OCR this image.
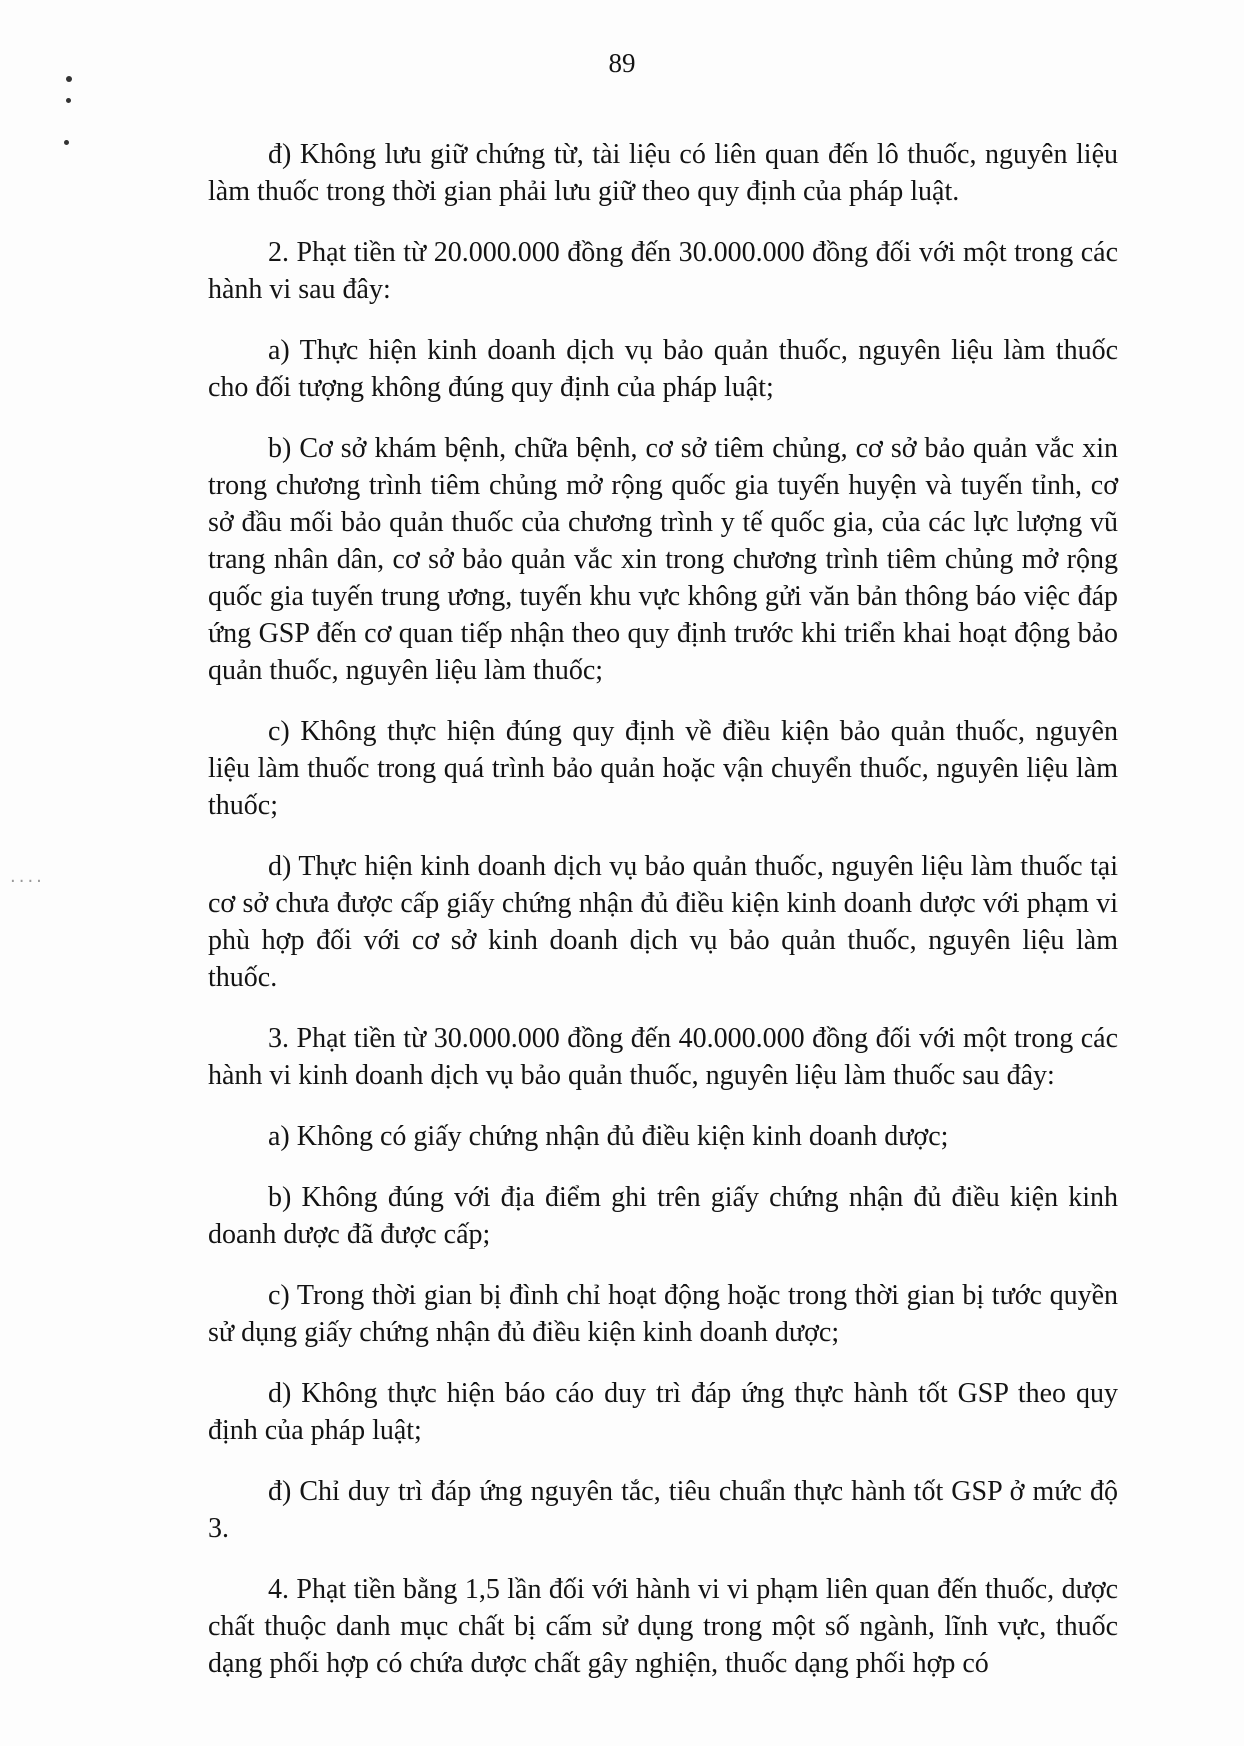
89
....

đ) Không lưu giữ chứng từ, tài liệu có liên quan đến lô thuốc, nguyên liệu làm thuốc trong thời gian phải lưu giữ theo quy định của pháp luật.

2. Phạt tiền từ 20.000.000 đồng đến 30.000.000 đồng đối với một trong các hành vi sau đây:

a) Thực hiện kinh doanh dịch vụ bảo quản thuốc, nguyên liệu làm thuốc cho đối tượng không đúng quy định của pháp luật;

b) Cơ sở khám bệnh, chữa bệnh, cơ sở tiêm chủng, cơ sở bảo quản vắc xin trong chương trình tiêm chủng mở rộng quốc gia tuyến huyện và tuyến tỉnh, cơ sở đầu mối bảo quản thuốc của chương trình y tế quốc gia, của các lực lượng vũ trang nhân dân, cơ sở bảo quản vắc xin trong chương trình tiêm chủng mở rộng quốc gia tuyến trung ương, tuyến khu vực không gửi văn bản thông báo việc đáp ứng GSP đến cơ quan tiếp nhận theo quy định trước khi triển khai hoạt động bảo quản thuốc, nguyên liệu làm thuốc;

c) Không thực hiện đúng quy định về điều kiện bảo quản thuốc, nguyên liệu làm thuốc trong quá trình bảo quản hoặc vận chuyển thuốc, nguyên liệu làm thuốc;

d) Thực hiện kinh doanh dịch vụ bảo quản thuốc, nguyên liệu làm thuốc tại cơ sở chưa được cấp giấy chứng nhận đủ điều kiện kinh doanh dược với phạm vi phù hợp đối với cơ sở kinh doanh dịch vụ bảo quản thuốc, nguyên liệu làm thuốc.

3. Phạt tiền từ 30.000.000 đồng đến 40.000.000 đồng đối với một trong các hành vi kinh doanh dịch vụ bảo quản thuốc, nguyên liệu làm thuốc sau đây:

a) Không có giấy chứng nhận đủ điều kiện kinh doanh dược;

b) Không đúng với địa điểm ghi trên giấy chứng nhận đủ điều kiện kinh doanh dược đã được cấp;

c) Trong thời gian bị đình chỉ hoạt động hoặc trong thời gian bị tước quyền sử dụng giấy chứng nhận đủ điều kiện kinh doanh dược;

d) Không thực hiện báo cáo duy trì đáp ứng thực hành tốt GSP theo quy định của pháp luật;

đ) Chỉ duy trì đáp ứng nguyên tắc, tiêu chuẩn thực hành tốt GSP ở mức độ 3.

4. Phạt tiền bằng 1,5 lần đối với hành vi vi phạm liên quan đến thuốc, dược chất thuộc danh mục chất bị cấm sử dụng trong một số ngành, lĩnh vực, thuốc dạng phối hợp có chứa dược chất gây nghiện, thuốc dạng phối hợp có
